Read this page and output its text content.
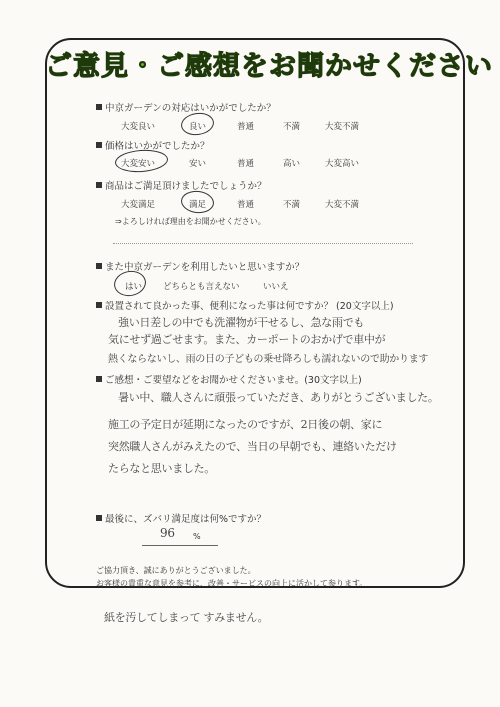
ご意見・ご感想をお聞かせください
中京ガーデンの対応はいかがでしたか？
大変良い	良い	普通	不満	大変不満
価格はいかがでしたか？
大変安い	安い	普通	高い	大変高い
商品はご満足頂けましたでしょうか？
大変満足	満足	普通	不満	大変不満
⇒よろしければ理由をお聞かせください。
また中京ガーデンを利用したいと思いますか？
はい どちらとも言えない	いいえ
設置されて良かった事、便利になった事は何ですか？ (20文字以上)
強い日差しの中でも洗濯物が干せるし、急な雨でも
気にせず過ごせます。また、カーポートのおかげで車中が
熱くならないし、雨の日の子どもの乗せ降ろしも濡れないので助かります
ご感想・ご要望などをお聞かせくださいませ。(30文字以上)
暑い中、職人さんに頑張っていただき、ありがとうございました。
施工の予定日が延期になったのですが、2日後の朝、家に
突然職人さんがみえたので、当日の早朝でも、連絡いただけ
たらなと思いました。
最後に、ズバリ満足度は何%ですか？
96 %
ご協力頂き、誠にありがとうございました。
お客様の貴重な意見を参考に、改善・サービスの向上に活かして参ります。
紙を汚してしまって すみません。
